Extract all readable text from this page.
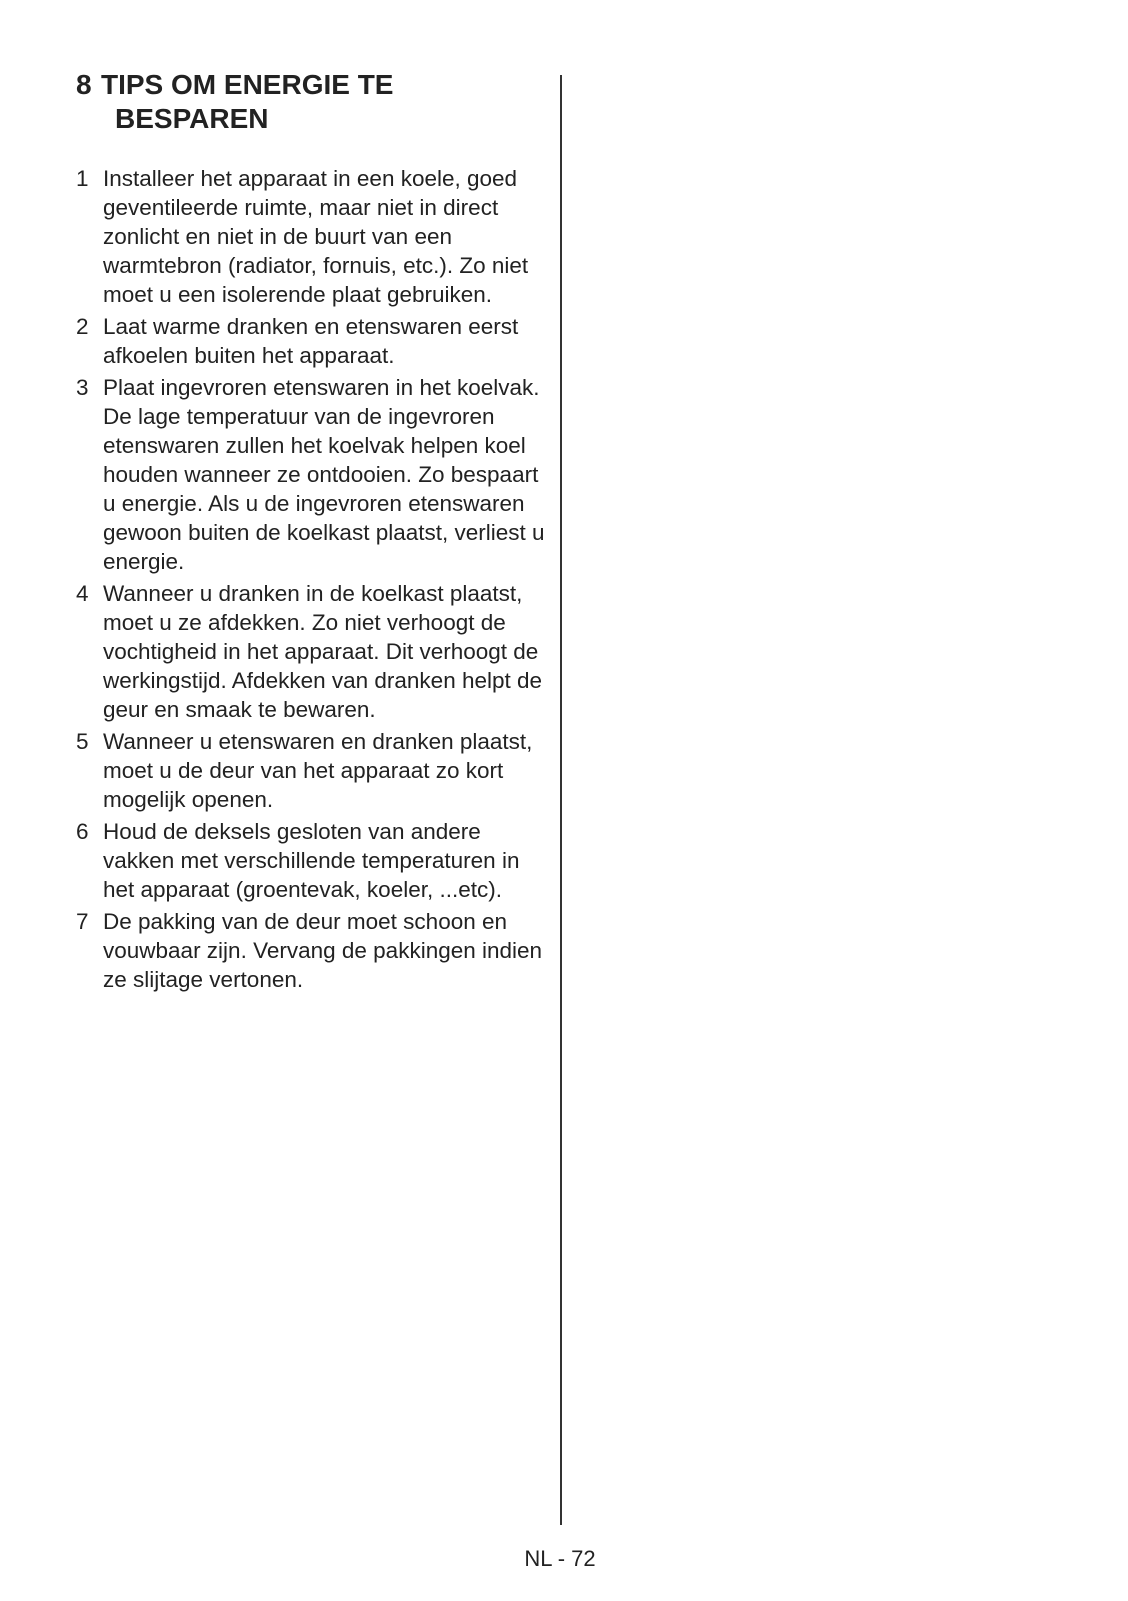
8 TIPS OM ENERGIE TE BESPAREN
1 Installeer het apparaat in een koele, goed geventileerde ruimte, maar niet in direct zonlicht en niet in de buurt van een warmtebron (radiator, fornuis, etc.). Zo niet moet u een isolerende plaat gebruiken.
2 Laat warme dranken en etenswaren eerst afkoelen buiten het apparaat.
3 Plaat ingevroren etenswaren in het koelvak. De lage temperatuur van de ingevroren etenswaren zullen het koelvak helpen koel houden wanneer ze ontdooien. Zo bespaart u energie. Als u de ingevroren etenswaren gewoon buiten de koelkast plaatst, verliest u energie.
4 Wanneer u dranken in de koelkast plaatst, moet u ze afdekken. Zo niet verhoogt de vochtigheid in het apparaat. Dit verhoogt de werkingstijd. Afdekken van dranken helpt de geur en smaak te bewaren.
5 Wanneer u etenswaren en dranken plaatst, moet u de deur van het apparaat zo kort mogelijk openen.
6 Houd de deksels gesloten van andere vakken met verschillende temperaturen in het apparaat (groentevak, koeler, ...etc).
7 De pakking van de deur moet schoon en vouwbaar zijn. Vervang de pakkingen indien ze slijtage vertonen.
NL - 72
